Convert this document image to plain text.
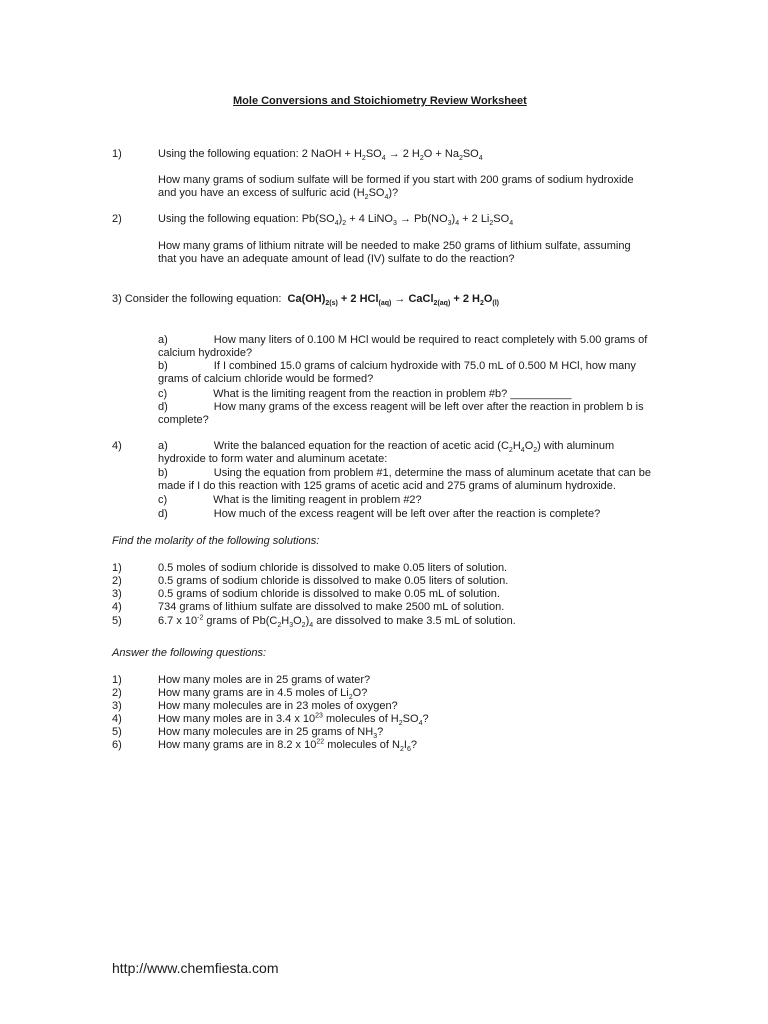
Mole Conversions and Stoichiometry Review Worksheet
1)	Using the following equation: 2 NaOH + $H_2SO_4 \to 2$ $H_2O + Na_2SO_4$
How many grams of sodium sulfate will be formed if you start with 200 grams of sodium hydroxide
and you have an excess of sulfuric acid $(H_2SO_4)$?
2)	Using the following equation: $Pb(SO_4)_2 + 4$ LiNO$_3$ → $Pb(NO_3)_4 + 2$ $Li_2SO_4$
How many grams of lithium nitrate will be needed to make 250 grams of lithium sulfate, assuming
that you have an adequate amount of lead (IV) sulfate to do the reaction?
3) Consider the following equation: $Ca(OH)_{2(s)} + 2$ HCl$_{(aq)}$ → CaCl$_{2(aq)}$ + 2 $H_2O_{(l)}$
a)	How many liters of 0.100 M HCl would be required to react completely with 5.00 grams of
calcium hydroxide?
b)	If I combined 15.0 grams of calcium hydroxide with 75.0 mL of 0.500 M HCl, how many
grams of calcium chloride would be formed?
c)	What is the limiting reagent from the reaction in problem #b? __________
d)	How many grams of the excess reagent will be left over after the reaction in problem b is
complete?
4)	a)	Write the balanced equation for the reaction of acetic acid $(C_2H_4O_2)$ with aluminum
hydroxide to form water and aluminum acetate:
b)	Using the equation from problem #1, determine the mass of aluminum acetate that can be
made if I do this reaction with 125 grams of acetic acid and 275 grams of aluminum hydroxide.
c)	What is the limiting reagent in problem #2?
d)	How much of the excess reagent will be left over after the reaction is complete?
Find the molarity of the following solutions:
1)	0.5 moles of sodium chloride is dissolved to make 0.05 liters of solution.
2)	0.5 grams of sodium chloride is dissolved to make 0.05 liters of solution.
3)	0.5 grams of sodium chloride is dissolved to make 0.05 mL of solution.
4)	734 grams of lithium sulfate are dissolved to make 2500 mL of solution.
5)	6.7 x $10^{-2}$ grams of $Pb(C_2H_3O_2)_4$ are dissolved to make 3.5 mL of solution.
Answer the following questions:
1)	How many moles are in 25 grams of water?
2)	How many grams are in 4.5 moles of $Li_2O$?
3)	How many molecules are in 23 moles of oxygen?
4)	How many moles are in 3.4 x $10^{23}$ molecules of $H_2SO_4$?
5)	How many molecules are in 25 grams of $NH_3$?
6)	How many grams are in 8.2 x $10^{22}$ molecules of $N_2I_6$?
http://www.chemfiesta.com
